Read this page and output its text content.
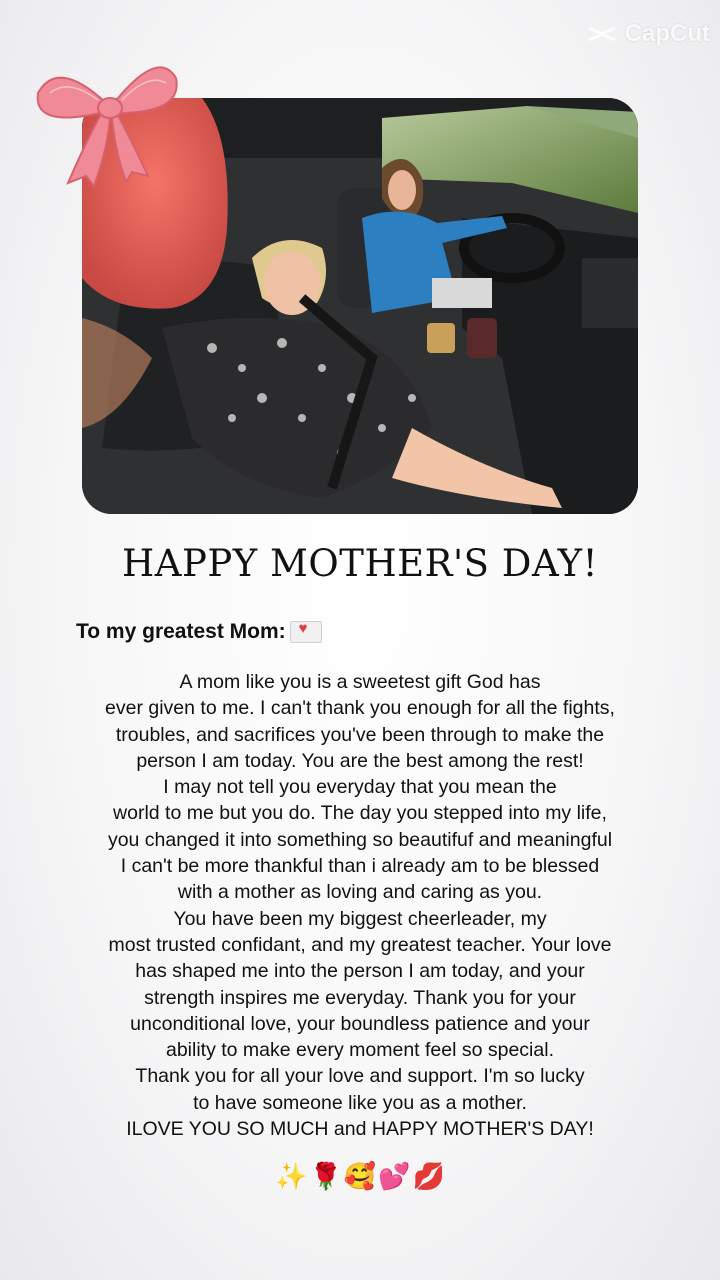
CapCut
HAPPY MOTHER'S DAY!
To my greatest Mom:
♥
A mom like you is a sweetest gift God has
ever given to me. I can't thank you enough for all the fights,
troubles, and sacrifices you've been through to make the
person I am today. You are the best among the rest!
I may not tell you everyday that you mean the
world to me but you do. The day you stepped into my life,
you changed it into something so beautifuf and meaningful
I can't be more thankful than i already am to be blessed
with a mother as loving and caring as you.
You have been my biggest cheerleader, my
most trusted confidant, and my greatest teacher. Your love
has shaped me into the person I am today, and your
strength inspires me everyday. Thank you for your
unconditional love, your boundless patience and your
ability to make every moment feel so special.
Thank you for all your love and support. I'm so lucky
to have someone like you as a mother.
ILOVE YOU SO MUCH and HAPPY MOTHER'S DAY!
✨🌹🥰💕💋
